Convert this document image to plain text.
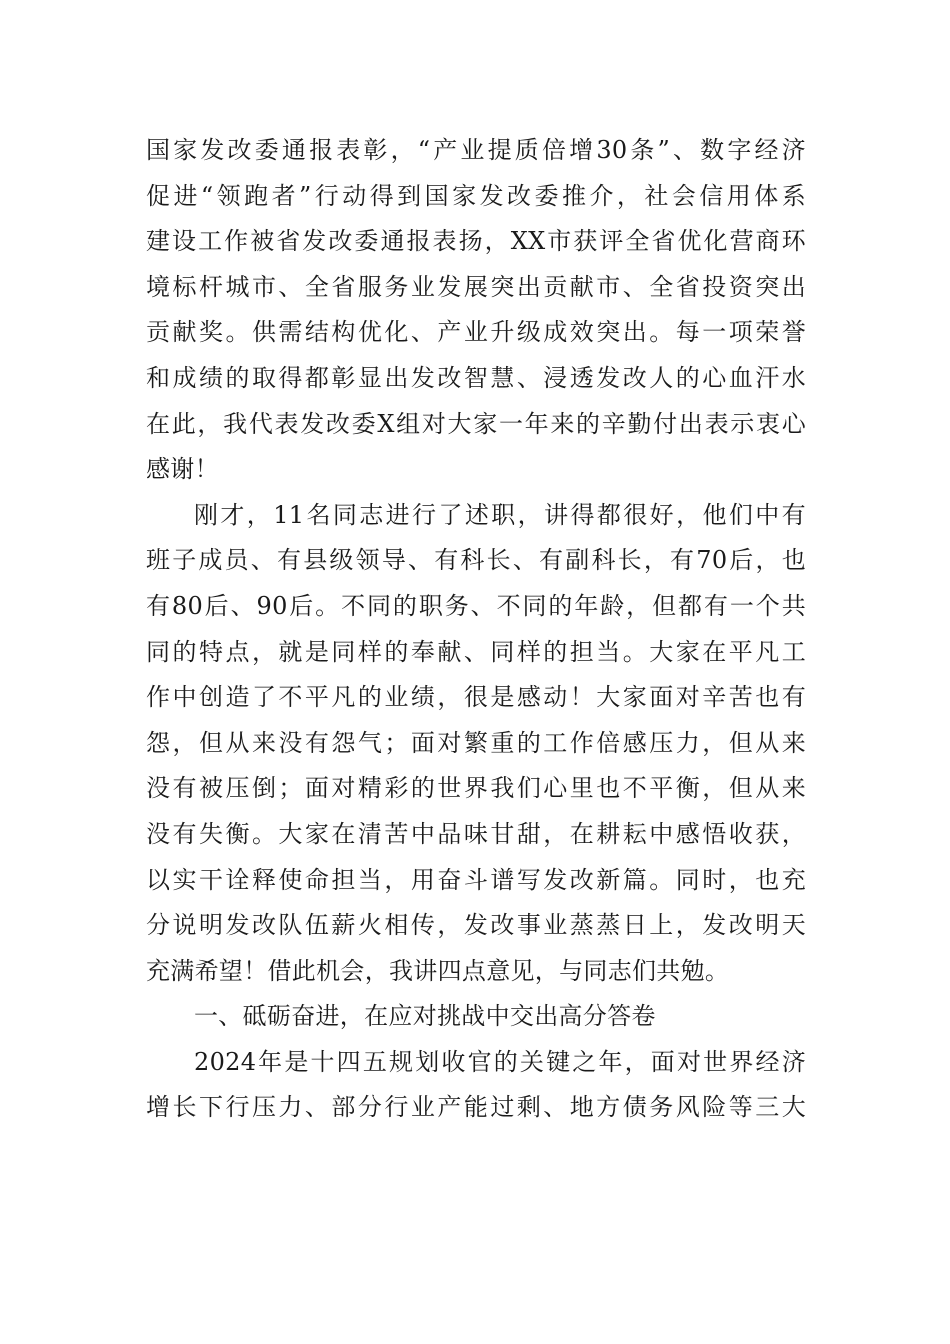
国家发改委通报表彰，“产业提质倍增30条”、数字经济
促进“领跑者”行动得到国家发改委推介，社会信用体系
建设工作被省发改委通报表扬，XX市获评全省优化营商环
境标杆城市、全省服务业发展突出贡献市、全省投资突出
贡献奖。供需结构优化、产业升级成效突出。每一项荣誉
和成绩的取得都彰显出发改智慧、浸透发改人的心血汗水
在此，我代表发改委X组对大家一年来的辛勤付出表示衷心
感谢！
刚才，11名同志进行了述职，讲得都很好，他们中有
班子成员、有县级领导、有科长、有副科长，有70后，也
有80后、90后。不同的职务、不同的年龄，但都有一个共
同的特点，就是同样的奉献、同样的担当。大家在平凡工
作中创造了不平凡的业绩，很是感动！大家面对辛苦也有
怨，但从来没有怨气；面对繁重的工作倍感压力，但从来
没有被压倒；面对精彩的世界我们心里也不平衡，但从来
没有失衡。大家在清苦中品味甘甜，在耕耘中感悟收获，
以实干诠释使命担当，用奋斗谱写发改新篇。同时，也充
分说明发改队伍薪火相传，发改事业蒸蒸日上，发改明天
充满希望！借此机会，我讲四点意见，与同志们共勉。
一、砥砺奋进，在应对挑战中交出高分答卷
2024年是十四五规划收官的关键之年，面对世界经济
增长下行压力、部分行业产能过剩、地方债务风险等三大
